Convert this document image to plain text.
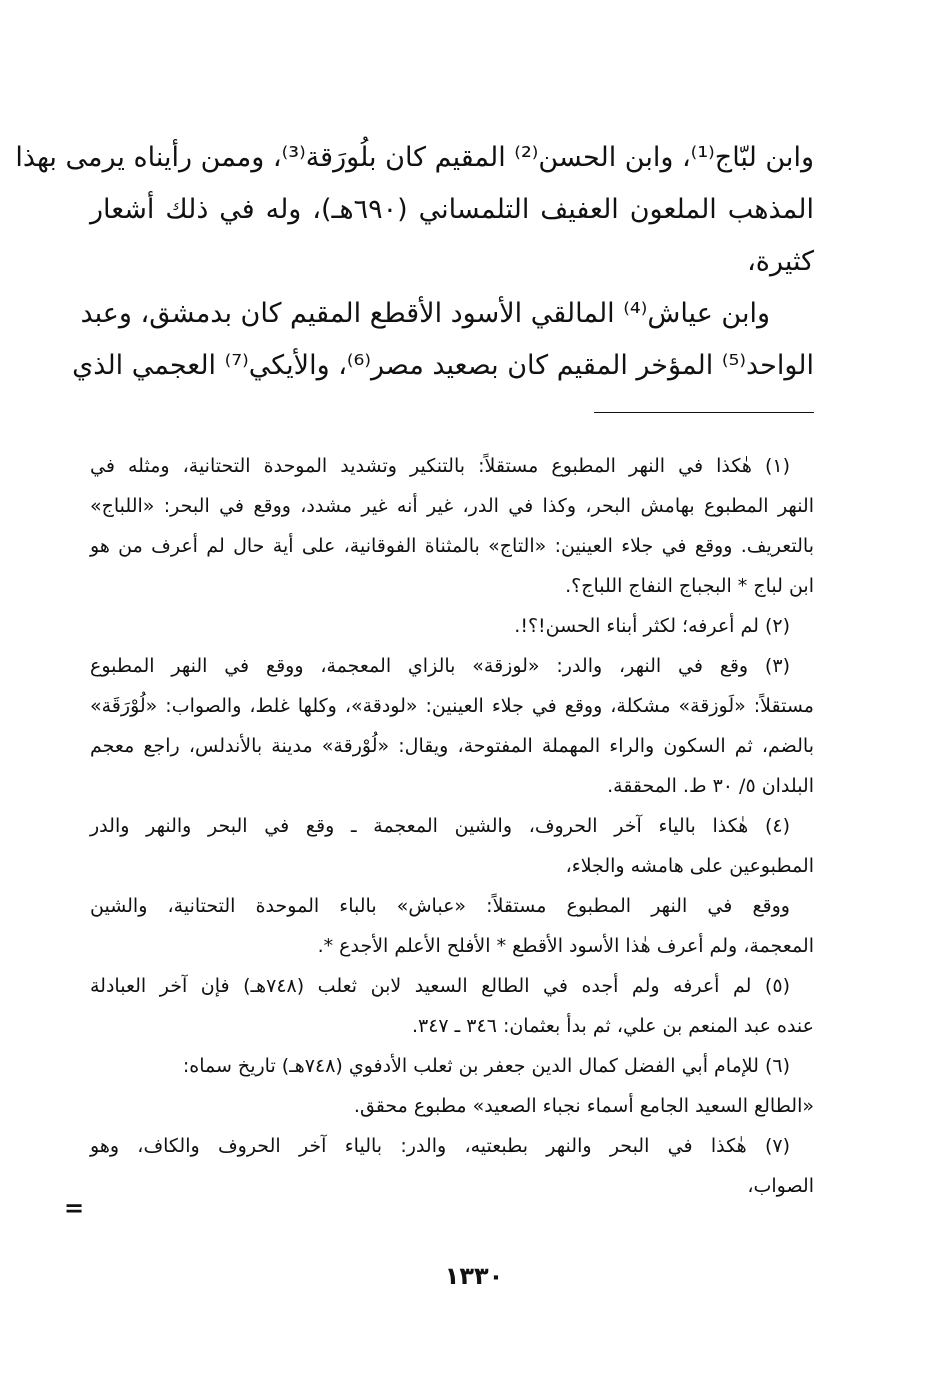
وابن لبّاج⁽¹⁾، وابن الحسن⁽²⁾ المقيم كان بلُورَقة⁽³⁾، وممن رأيناه يرمى بهذا

المذهب الملعون العفيف التلمساني (٦٩٠هـ)، وله في ذلك أشعار

كثيرة،

وابن عياش⁽⁴⁾ المالقي الأسود الأقطع المقيم كان بدمشق، وعبد

الواحد⁽⁵⁾ المؤخر المقيم كان بصعيد مصر⁽⁶⁾، والأيكي⁽⁷⁾ العجمي الذي

(١) هٰكذا في النهر المطبوع مستقلاً: بالتنكير وتشديد الموحدة التحتانية، ومثله في

النهر المطبوع بهامش البحر، وكذا في الدر، غير أنه غير مشدد، ووقع في البحر: «اللباج»

بالتعريف. ووقع في جلاء العينين: «التاج» بالمثناة الفوقانية، على أية حال لم أعرف من هو

ابن لباج * البجباج النفاج اللباج؟.

(٢) لم أعرفه؛ لكثر أبناء الحسن!؟!.

(٣) وقع في النهر، والدر: «لوزقة» بالزاي المعجمة، ووقع في النهر المطبوع

مستقلاً: «لَوزقة» مشكلة، ووقع في جلاء العينين: «لودقة»، وكلها غلط، والصواب: «لُوْرَقَة»

بالضم، ثم السكون والراء المهملة المفتوحة، ويقال: «لُوْرقة» مدينة بالأندلس، راجع معجم

البلدان ٥/ ٣٠ ط. المحققة.

(٤) هٰكذا بالياء آخر الحروف، والشين المعجمة ـ وقع في البحر والنهر والدر

المطبوعين على هامشه والجلاء،

ووقع في النهر المطبوع مستقلاً: «عباش» بالباء الموحدة التحتانية، والشين

المعجمة، ولم أعرف هٰذا الأسود الأقطع * الأفلح الأعلم الأجدع *.

(٥) لم أعرفه ولم أجده في الطالع السعيد لابن ثعلب (٧٤٨هـ) فإن آخر العبادلة

عنده عبد المنعم بن علي، ثم بدأ بعثمان: ٣٤٦ ـ ٣٤٧.

(٦) للإمام أبي الفضل كمال الدين جعفر بن ثعلب الأدفوي (٧٤٨هـ) تاريخ سماه:

«الطالع السعيد الجامع أسماء نجباء الصعيد» مطبوع محقق.

(٧) هٰكذا في البحر والنهر بطبعتيه، والدر: بالياء آخر الحروف والكاف، وهو

الصواب،

=
١٣٣٠
